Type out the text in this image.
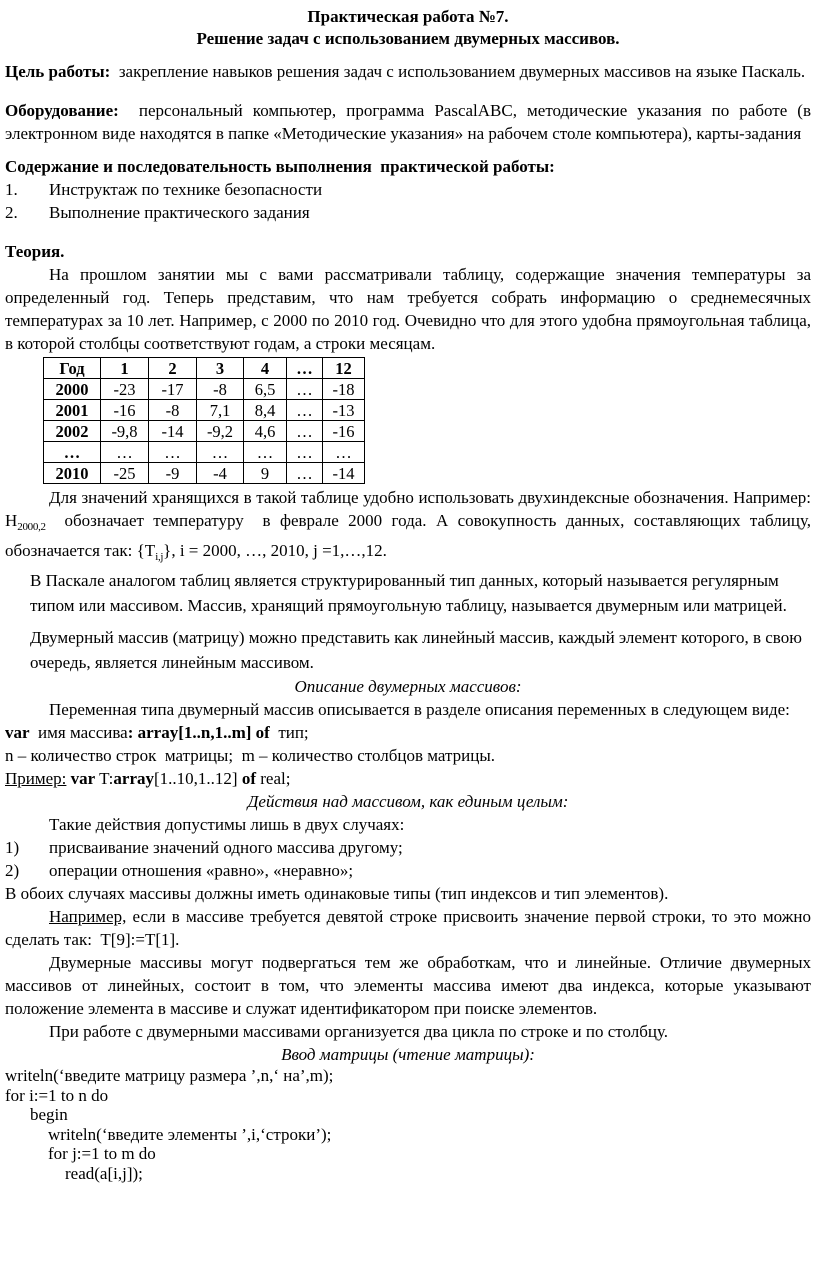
Практическая работа №7.
Решение задач с использованием двумерных массивов.

Цель работы:  закрепление навыков решения задач с использованием двумерных массивов на языке Паскаль.

Оборудование:  персональный компьютер, программа PascalABC, методические указания по работе (в электронном виде находятся в папке «Методические указания» на рабочем столе компьютера), карты-задания

Содержание и последовательность выполнения  практической работы:

1.	Инструктаж по технике безопасности
2.	Выполнение практического задания

Теория.

На прошлом занятии мы с вами рассматривали таблицу, содержащие значения температуры за определенный год. Теперь представим, что нам требуется собрать информацию о среднемесячных температурах за 10 лет. Например, с 2000 по 2010 год. Очевидно что для этого удобна прямоугольная таблица, в которой столбцы соответствуют годам, а строки месяцам.

Год	1	2	3	4	…	12
2000	-23	-17	-8	6,5	…	-18
2001	-16	-8	7,1	8,4	…	-13
2002	-9,8	-14	-9,2	4,6	…	-16
…	…	…	…	…	…	…
2010	-25	-9	-4	9	…	-14

Для значений хранящихся в такой таблице удобно использовать двухиндексные обозначения. Например: $H_{2000,2}$  обозначает температуру  в феврале 2000 года. А совокупность данных, составляющих таблицу, обозначается так: $\{T_{i,j}\}$, i = 2000, …, 2010, j =1,…,12.

В Паскале аналогом таблиц является структурированный тип данных, который называется регулярным типом или массивом. Массив, хранящий прямоугольную таблицу, называется двумерным или матрицей.

Двумерный массив (матрицу) можно представить как линейный массив, каждый элемент которого, в свою очередь, является линейным массивом.

Описание двумерных массивов:

Переменная типа двумерный массив описывается в разделе описания переменных в следующем виде:

var  имя массива: array[1..n,1..m] of  тип;

n – количество строк  матрицы;  m – количество столбцов матрицы.

Пример: var T:array[1..10,1..12] of real;

Действия над массивом, как единым целым:

Такие действия допустимы лишь в двух случаях:

1)	присваивание значений одного массива другому;
2)	операции отношения «равно», «неравно»;

В обоих случаях массивы должны иметь одинаковые типы (тип индексов и тип элементов).

Например, если в массиве требуется девятой строке присвоить значение первой строки, то это можно сделать так:  T[9]:=T[1].

Двумерные массивы могут подвергаться тем же обработкам, что и линейные. Отличие двумерных массивов от линейных, состоит в том, что элементы массива имеют два индекса, которые указывают положение элемента в массиве и служат идентификатором при поиске элементов.

При работе с двумерными массивами организуется два цикла по строке и по столбцу.

Ввод матрицы (чтение матрицы):

writeln(‘введите матрицу размера ’,n,‘ на’,m);
for i:=1 to n do
begin
writeln(‘введите элементы ’,i,‘строки’);
for j:=1 to m do
read(a[i,j]);
